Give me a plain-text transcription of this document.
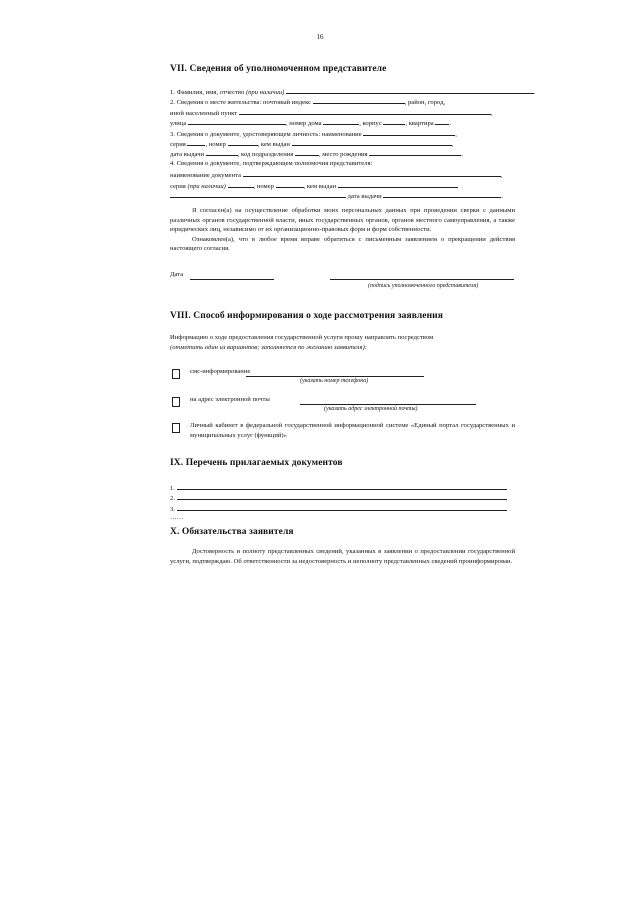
16
VII. Сведения об уполномоченном представителе
1. Фамилия, имя, отчество (при наличии)	.
2. Сведения о месте жительства: почтовый индекс	, район, город,
иной населенный пункт	,
улица	, номер дома	, корпус	, квартира .
3. Сведения о документе, удостоверяющем личность: наименование	,
серия	, номер	, кем выдан	,
дата выдачи	, код подразделения	, место рождения	.
4. Сведения о документе, подтверждающем полномочия представителя:
наименование документа	,
серия (при наличии)	, номер	, кем выдан
дата выдачи	.

Я согласен(а) на осуществление обработки моих персональных данных при проведении сверки с данными различных органов государственной власти, иных государственных органов, органов местного самоуправления, а также юридических лиц, независимо от их организационно-правовых форм и форм собственности.

Ознакомлен(а), что в любое время вправе обратиться с письменным заявлением о прекращении действия настоящего согласия.

Дата
(подпись уполномоченного представителя)
VIII. Способ информирования о ходе рассмотрения заявления
Информацию о ходе предоставления государственной услуги прошу направлять посредством
(отметить один из вариантов; заполняется по желанию заявителя):
смс-информирование
(указать номер телефона)
на адрес электронной почты
(указать адрес электронной почты)
Личный кабинет в федеральной государственной информационной системе «Единый портал государственных и муниципальных услуг (функций)»
IX. Перечень прилагаемых документов
1.
2.
3.
……
X. Обязательства заявителя

Достоверность и полноту представленных сведений, указанных в заявлении о предоставлении государственной услуги, подтверждаю. Об ответственности за недостоверность и неполноту представленных сведений проинформирован.
